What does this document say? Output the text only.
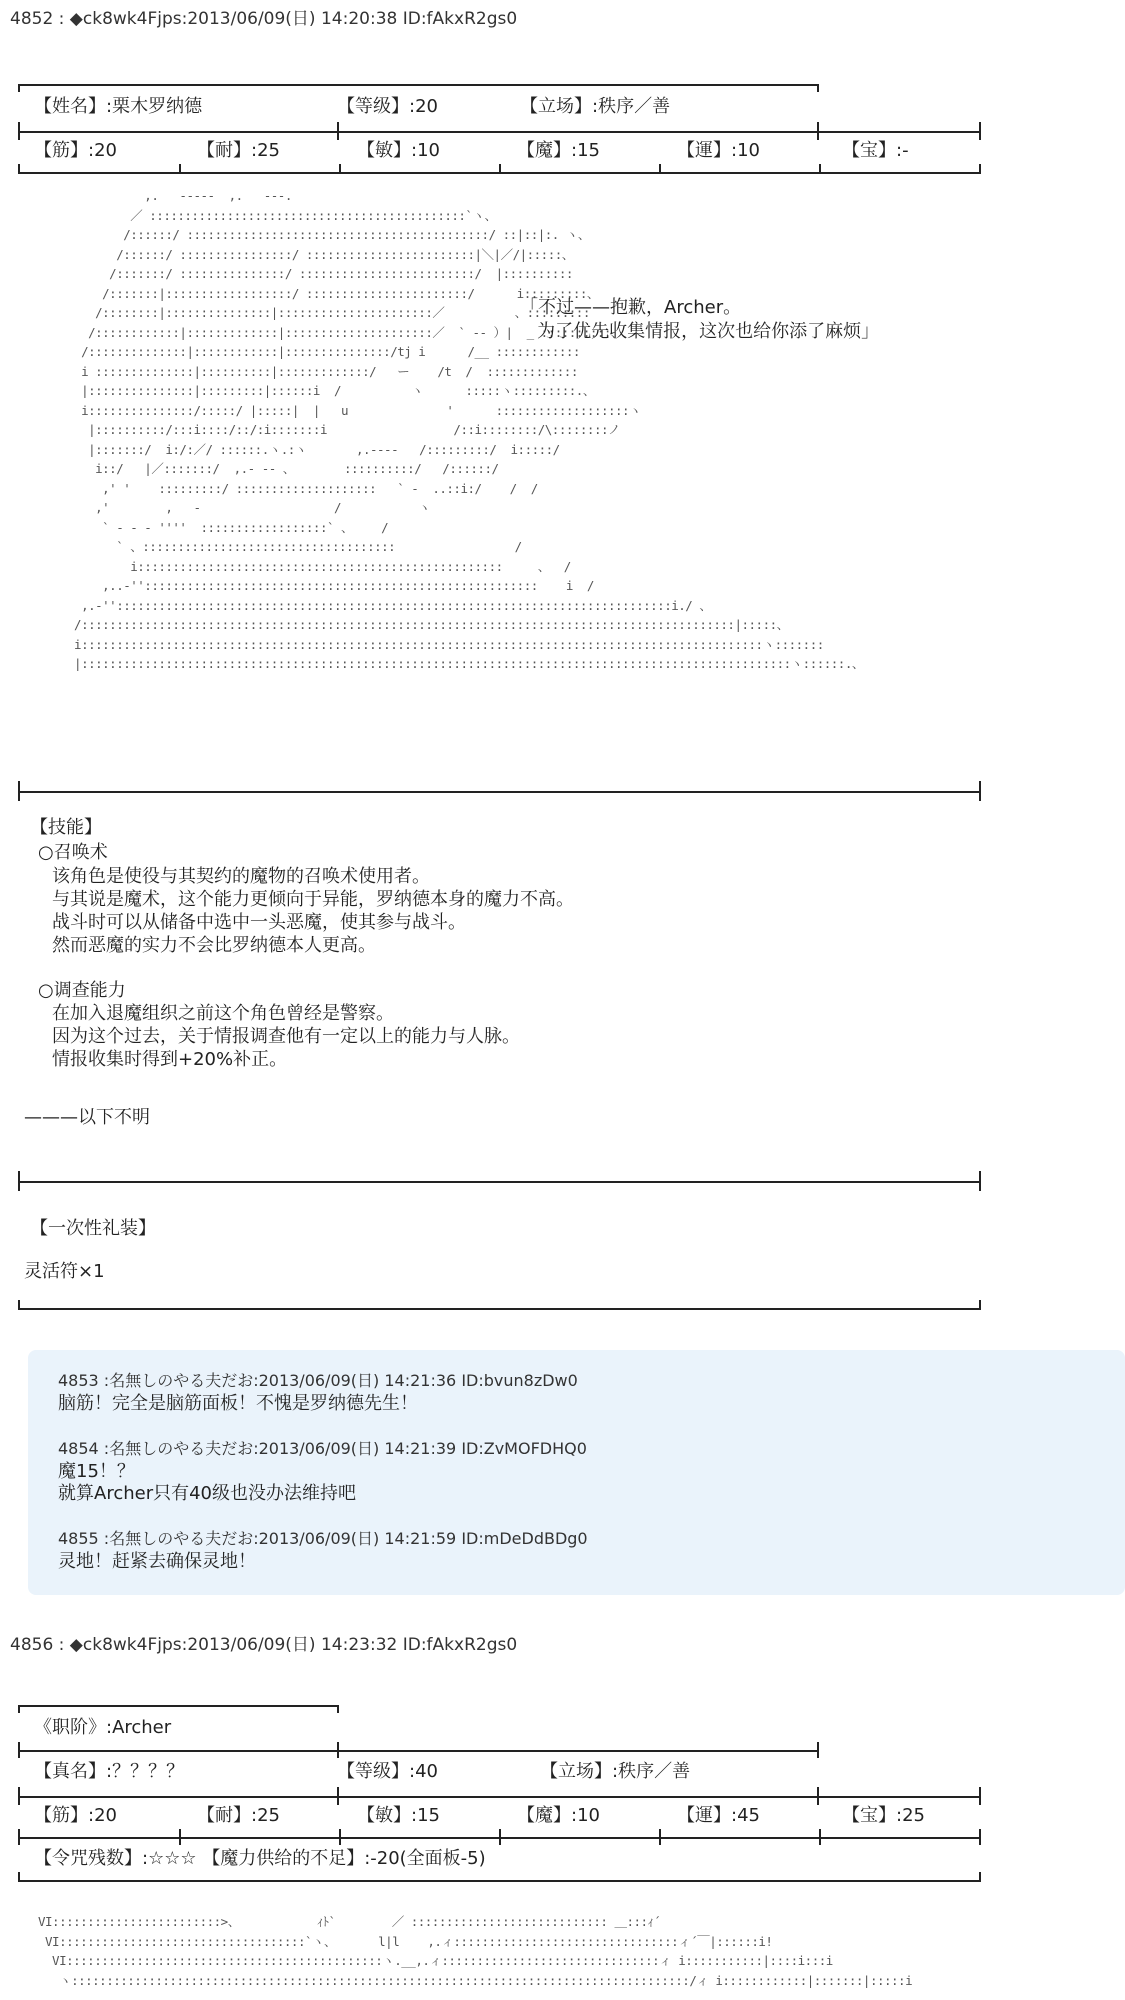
4852 : ◆ck8wk4Fjps:2013/06/09(日) 14:20:38 ID:fAkxR2gs0
【姓名】:栗木罗纳德	【等级】:20	【立场】:秩序／善
【筋】:20	【耐】:25	【敏】:10	【魔】:15	【運】:10	【宝】:-
,.   -‐‐‐-  ,.   -‐-.
／ :::::::::::::::::::::::::::::::::::::::::::::`ヽ、
/::::::/ :::::::::::::::::::::::::::::::::::::::::::/ ::|::|:. ヽ、
/::::::/ ::::::::::::::::/ ::::::::::::::::::::::::|＼|／/|:::::、
/:::::::/ :::::::::::::::/ :::::::::::::::::::::::::/  |::::::::::
/:::::::|::::::::::::::::::/ :::::::::::::::::::::::/      i:::::::::、
/::::::::|:::::::::::::::|::::::::::::::::::::::／          、:::::::::
/::::::::::::|:::::::::::::|:::::::::::::::::::::／  ` -- ）|  _ ::::::::::、
/::::::::::::::|::::::::::::|:::::::::::::::/tj i      /__ ::::::::::::
i ::::::::::::::|::::::::::|:::::::::::::/   ー    /t  /  :::::::::::::
|:::::::::::::::|:::::::::|::::::i  /          ヽ      :::::ヽ:::::::::.、
i:::::::::::::::/:::::/ |:::::|  |   u              '      :::::::::::::::::::ヽ
|::::::::::/:::i::::/::/:i:::::::i                  /::i::::::::/\::::::::ノ
|:::::::/  i:/:／/ ::::::.ヽ.:ヽ       ,.-‐‐-   /:::::::::/  i:::::/
i::/   |／:::::::/  ,.- ‐‐ 、       ::::::::::/   /::::::/
,' '    :::::::::/ ::::::::::::::::::::   ` -  ..::i:/    /  /
,'        ,   -                   /           ヽ
` - - - ''''  ::::::::::::::::::` 、    /
` 、::::::::::::::::::::::::::::::::::::                 /
i::::::::::::::::::::::::::::::::::::::::::::::::::::     、  /
,..-''::::::::::::::::::::::::::::::::::::::::::::::::::::::::    i  /
,.-'':::::::::::::::::::::::::::::::::::::::::::::::::::::::::::::::::::::::::::::::i./ 、
/:::::::::::::::::::::::::::::::::::::::::::::::::::::::::::::::::::::::::::::::::::::::::::::|:::::、
i:::::::::::::::::::::::::::::::::::::::::::::::::::::::::::::::::::::::::::::::::::::::::::::::::ヽ:::::::
|:::::::::::::::::::::::::::::::::::::::::::::::::::::::::::::::::::::::::::::::::::::::::::::::::::::ヽ::::::.、
「不过——抱歉，Archer。
为了优先收集情报，这次也给你添了麻烦」
【技能】
○召唤术
该角色是使役与其契约的魔物的召唤术使用者。
与其说是魔术，这个能力更倾向于异能，罗纳德本身的魔力不高。
战斗时可以从储备中选中一头恶魔，使其参与战斗。
然而恶魔的实力不会比罗纳德本人更高。
○调查能力
在加入退魔组织之前这个角色曾经是警察。
因为这个过去，关于情报调查他有一定以上的能力与人脉。
情报收集时得到+20%补正。
———以下不明
【一次性礼装】
灵活符×1
4853 :名無しのやる夫だお:2013/06/09(日) 14:21:36 ID:bvun8zDw0
脑筋！完全是脑筋面板！不愧是罗纳德先生！
4854 :名無しのやる夫だお:2013/06/09(日) 14:21:39 ID:ZvMOFDHQ0
魔15！？
就算Archer只有40级也没办法维持吧
4855 :名無しのやる夫だお:2013/06/09(日) 14:21:59 ID:mDeDdBDg0
灵地！赶紧去确保灵地！
4856 : ◆ck8wk4Fjps:2013/06/09(日) 14:23:32 ID:fAkxR2gs0
《职阶》:Archer
【真名】:？？？？	【等级】:40	【立场】:秩序／善
【筋】:20	【耐】:25	【敏】:15	【魔】:10	【運】:45	【宝】:25
【令咒残数】:☆☆☆ 【魔力供给的不足】:-20(全面板-5)
VI::::::::::::::::::::::::>、           ｨﾄ`        ／ :::::::::::::::::::::::::::: ＿:::ｨ´
VI:::::::::::::::::::::::::::::::::::`ヽ、      l|l    ,.ィ::::::::::::::::::::::::::::::::ィ´￣|::::::i!
VI:::::::::::::::::::::::::::::::::::::::::::::ヽ.__,.ィ:::::::::::::::::::::::::::::::ィ i:::::::::::|::::i:::i
ヽ::::::::::::::::::::::::::::::::::::::::::::::::::::::::::::::::::::::::::::::::::::::::/ィ i::::::::::::|:::::::|:::::i
